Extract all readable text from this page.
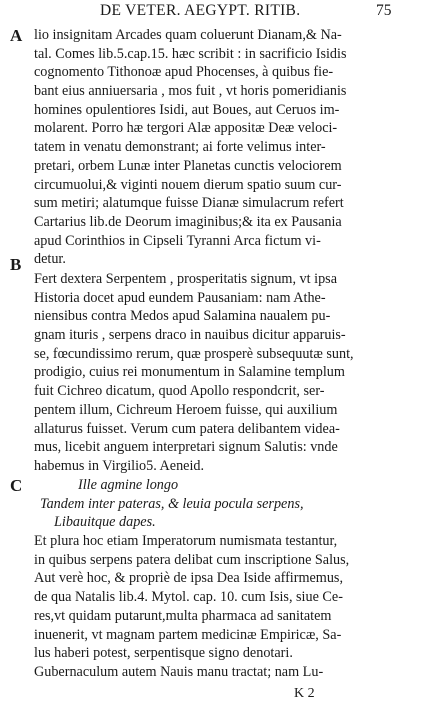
DE VETER. AEGYPT. RITIB.	75
A
B
C
lio insignitam Arcades quam coluerunt Dianam,& Na-
tal. Comes lib.5.cap.15. hæc scribit : in sacrificio Isidis
cognomento Tithonoæ apud Phocenses, à quibus fie-
bant eius anniuersaria , mos fuit , vt horis pomeridianis
homines opulentiores Isidi, aut Boues, aut Ceruos im-
molarent. Porro hæ tergori Alæ appositæ Deæ veloci-
tatem in venatu demonstrant; ai forte velimus inter-
pretari, orbem Lunæ inter Planetas cunctis velociorem
circumuolui,& viginti nouem dierum spatio suum cur-
sum metiri; alatumque fuisse Dianæ simulacrum refert
Cartarius lib.de Deorum imaginibus;& ita ex Pausania
apud Corinthios in Cipseli Tyranni Arca fictum vi-
detur.
Fert dextera Serpentem , prosperitatis signum, vt ipsa
Historia docet apud eundem Pausaniam: nam Athe-
niensibus contra Medos apud Salamina naualem pu-
gnam ituris , serpens draco in nauibus dicitur apparuis-
se, fœcundissimo rerum, quæ prosperè subsequutæ sunt,
prodigio, cuius rei monumentum in Salamine templum
fuit Cichreo dicatum, quod Apollo respondcrit, ser-
pentem illum, Cichreum Heroem fuisse, qui auxilium
allaturus fuisset. Verum cum patera delibantem videa-
mus, licebit anguem interpretari signum Salutis: vnde
habemus in Virgilio5. Aeneid.
Ille agmine longo
Tandem inter pateras, & leuia pocula serpens,
Libauitque dapes.
Et plura hoc etiam Imperatorum numismata testantur,
in quibus serpens patera delibat cum inscriptione Salus,
Aut verè hoc, & propriè de ipsa Dea Iside affirmemus,
de qua Natalis lib.4. Mytol. cap. 10. cum Isis, siue Ce-
res,vt quidam putarunt,multa pharmaca ad sanitatem
inuenerit, vt magnam partem medicinæ Empiricæ, Sa-
lus haberi potest, serpentisque signo denotari.
Gubernaculum autem Nauis manu tractat; nam Lu-
K 2
